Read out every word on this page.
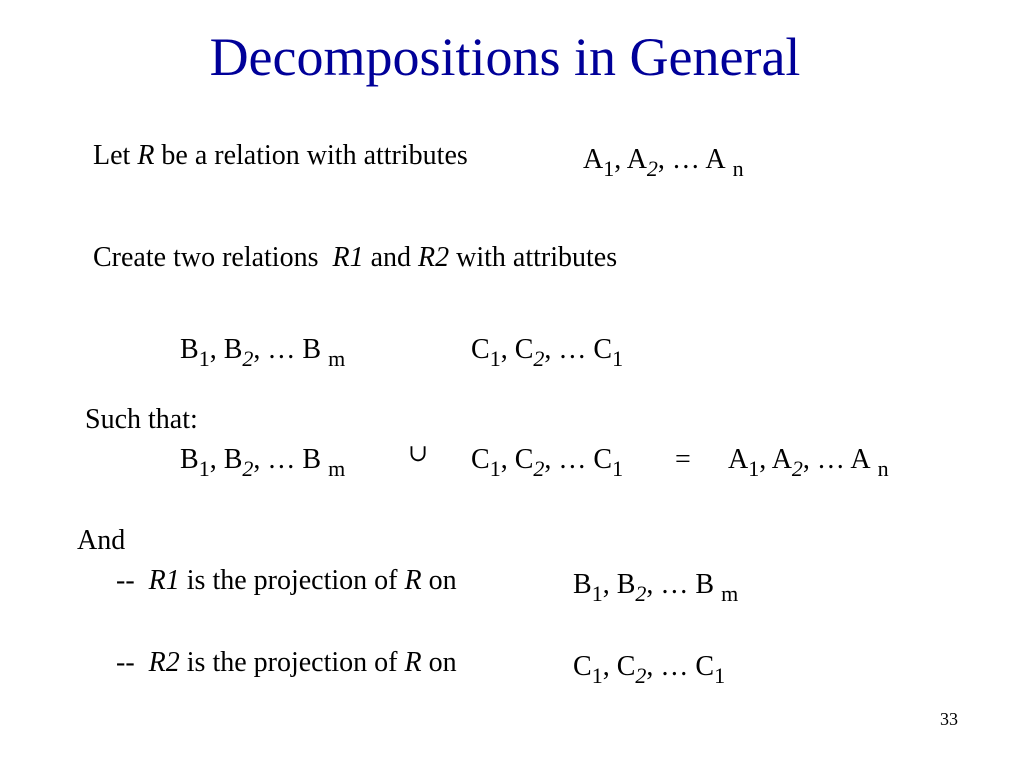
Decompositions in General
Let R be a relation with attributes	$A_1$, $A_2$, … A $_n$
Create two relations  R1 and R2 with attributes
$B_1$, $B_2$, … B $_m$	$C_1$, $C_2$, … $C_1$
Such that:
$B_1$, $B_2$, … B $_m$
∪ $C_1$, $C_2$, … $C_1 = A_1$, $A_2$, … A $_n$
And
--  R1 is the projection of R on	$B_1$, $B_2$, … B $_m$
--  R2 is the projection of R on	$C_1$, $C_2$, … $C_1$
33
